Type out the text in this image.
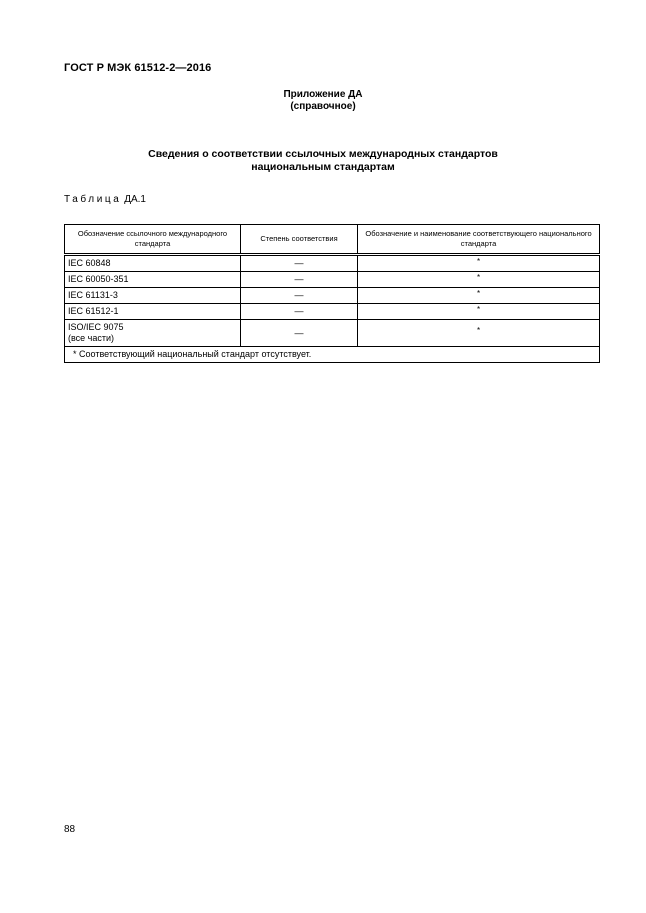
ГОСТ Р МЭК 61512-2—2016
Приложение ДА
(справочное)
Сведения о соответствии ссылочных международных стандартов
национальным стандартам
Таблица ДА.1
Обозначение ссылочного международного стандарта	Степень соответствия	Обозначение и наименование соответствующего национального стандарта
IEC 60848	—	*
IEC 60050-351	—	*
IEC 61131-3	—	*
IEC 61512-1	—	*

ISO/IEC 9075
(все части)	—	*
* Соответствующий национальный стандарт отсутствует.		
88
